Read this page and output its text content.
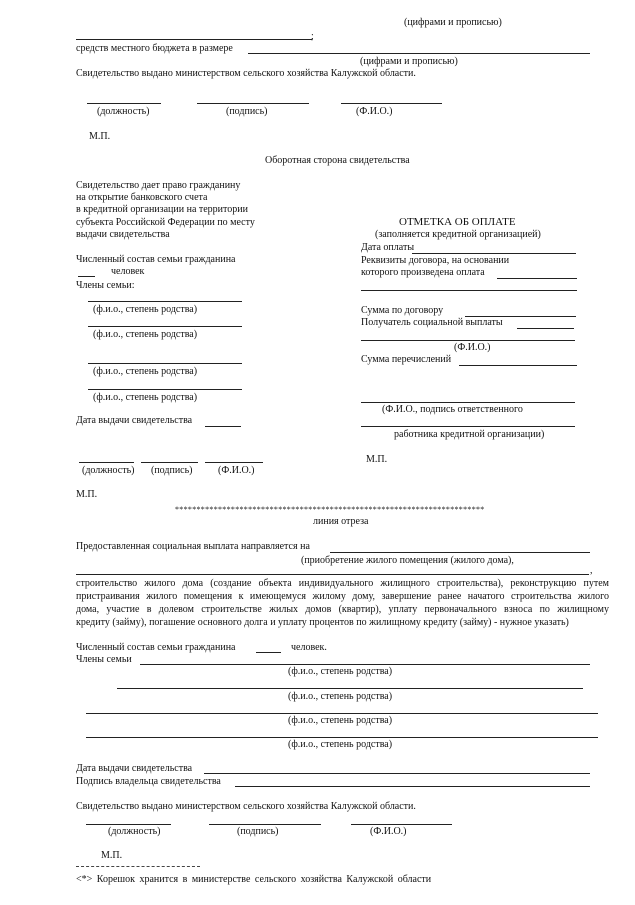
(цифрами и прописью)
;
средств местного бюджета в размере
(цифрами и прописью)
Свидетельство выдано министерством сельского хозяйства Калужской области.
(должность)	(подпись)	(Ф.И.О.)
М.П.
Оборотная сторона свидетельства
Свидетельство дает право гражданину
на открытие банковского счета
в кредитной организации на территории
субъекта Российской Федерации по месту
выдачи свидетельства
Численный состав семьи гражданина
человек
Члены семьи:
(ф.и.о., степень родства)
(ф.и.о., степень родства)
(ф.и.о., степень родства)
(ф.и.о., степень родства)
Дата выдачи свидетельства
(должность) (подпись)	(Ф.И.О.)
М.П.
ОТМЕТКА ОБ ОПЛАТЕ
(заполняется кредитной организацией)
Дата оплаты
Реквизиты договора, на основании
которого произведена оплата
Сумма по договору
Получатель социальной выплаты
(Ф.И.О.)
Сумма перечислений
(Ф.И.О., подпись ответственного
работника кредитной организации)
М.П.
************************************************************************
линия отреза
Предоставленная социальная выплата направляется на
(приобретение жилого помещения (жилого дома),
,
строительство жилого дома (создание объекта индивидуального жилищного строительства), реконструкцию путем
пристраивания жилого помещения к имеющемуся жилому дому, завершение ранее начатого строительства жилого
дома, участие в долевом строительстве жилых домов (квартир), уплату первоначального взноса по жилищному
кредиту (займу), погашение основного долга и уплату процентов по жилищному кредиту (займу) - нужное указать)
Численный состав семьи гражданина	человек.
Члены семьи
(ф.и.о., степень родства)
(ф.и.о., степень родства)
(ф.и.о., степень родства)
(ф.и.о., степень родства)
Дата выдачи свидетельства
Подпись владельца свидетельства
Свидетельство выдано министерством сельского хозяйства Калужской области.
(должность)	(подпись)	(Ф.И.О.)
М.П.
<*> Корешок хранится в министерстве сельского хозяйства Калужской области
